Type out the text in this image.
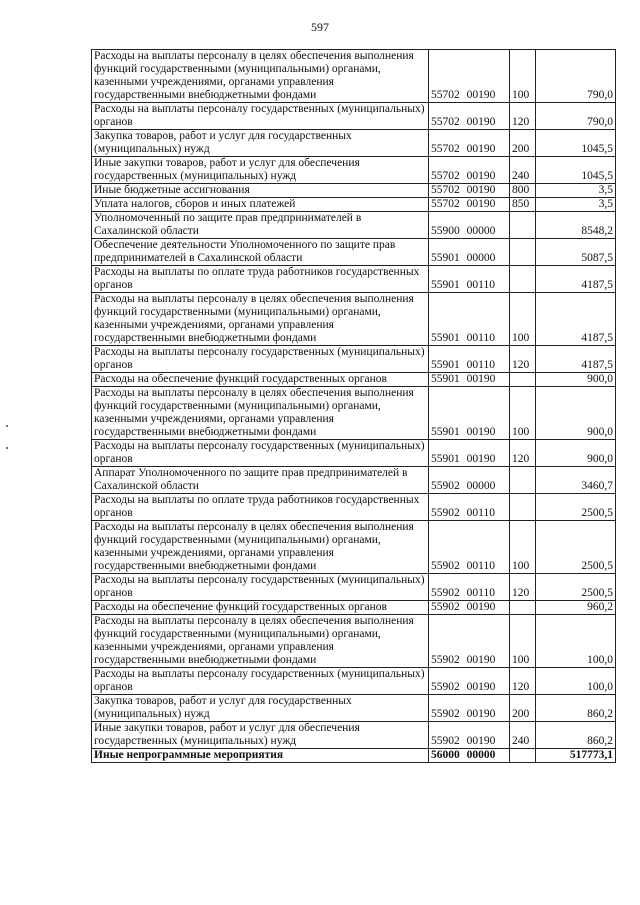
597
Расходы на выплаты персоналу в целях обеспечения выполнения функций государственными (муниципальными) органами, казенными учреждениями, органами управления государственными внебюджетными фондами	55702 00190	100	790,0
Расходы на выплаты персоналу государственных (муниципальных) органов	55702 00190	120	790,0
Закупка товаров, работ и услуг для государственных (муниципальных) нужд	55702 00190	200	1045,5
Иные закупки товаров, работ и услуг для обеспечения государственных (муниципальных) нужд	55702 00190	240	1045,5
Иные бюджетные ассигнования	55702 00190	800	3,5
Уплата налогов, сборов и иных платежей	55702 00190	850	3,5
Уполномоченный по защите прав предпринимателей в Сахалинской области	55900 00000		8548,2
Обеспечение деятельности Уполномоченного по защите прав предпринимателей в Сахалинской области	55901 00000		5087,5
Расходы на выплаты по оплате труда работников государственных органов	55901 00110		4187,5
Расходы на выплаты персоналу в целях обеспечения выполнения функций государственными (муниципальными) органами, казенными учреждениями, органами управления государственными внебюджетными фондами	55901 00110	100	4187,5
Расходы на выплаты персоналу государственных (муниципальных) органов	55901 00110	120	4187,5
Расходы на обеспечение функций государственных органов	55901 00190		900,0
Расходы на выплаты персоналу в целях обеспечения выполнения функций государственными (муниципальными) органами, казенными учреждениями, органами управления государственными внебюджетными фондами	55901 00190	100	900,0
Расходы на выплаты персоналу государственных (муниципальных) органов	55901 00190	120	900,0
Аппарат Уполномоченного по защите прав предпринимателей в Сахалинской области	55902 00000		3460,7
Расходы на выплаты по оплате труда работников государственных органов	55902 00110		2500,5
Расходы на выплаты персоналу в целях обеспечения выполнения функций государственными (муниципальными) органами, казенными учреждениями, органами управления государственными внебюджетными фондами	55902 00110	100	2500,5
Расходы на выплаты персоналу государственных (муниципальных) органов	55902 00110	120	2500,5
Расходы на обеспечение функций государственных органов	55902 00190		960,2
Расходы на выплаты персоналу в целях обеспечения выполнения функций государственными (муниципальными) органами, казенными учреждениями, органами управления государственными внебюджетными фондами	55902 00190	100	100,0
Расходы на выплаты персоналу государственных (муниципальных) органов	55902 00190	120	100,0
Закупка товаров, работ и услуг для государственных (муниципальных) нужд	55902 00190	200	860,2
Иные закупки товаров, работ и услуг для обеспечения государственных (муниципальных) нужд	55902 00190	240	860,2
Иные непрограммные мероприятия	56000 00000		517773,1
